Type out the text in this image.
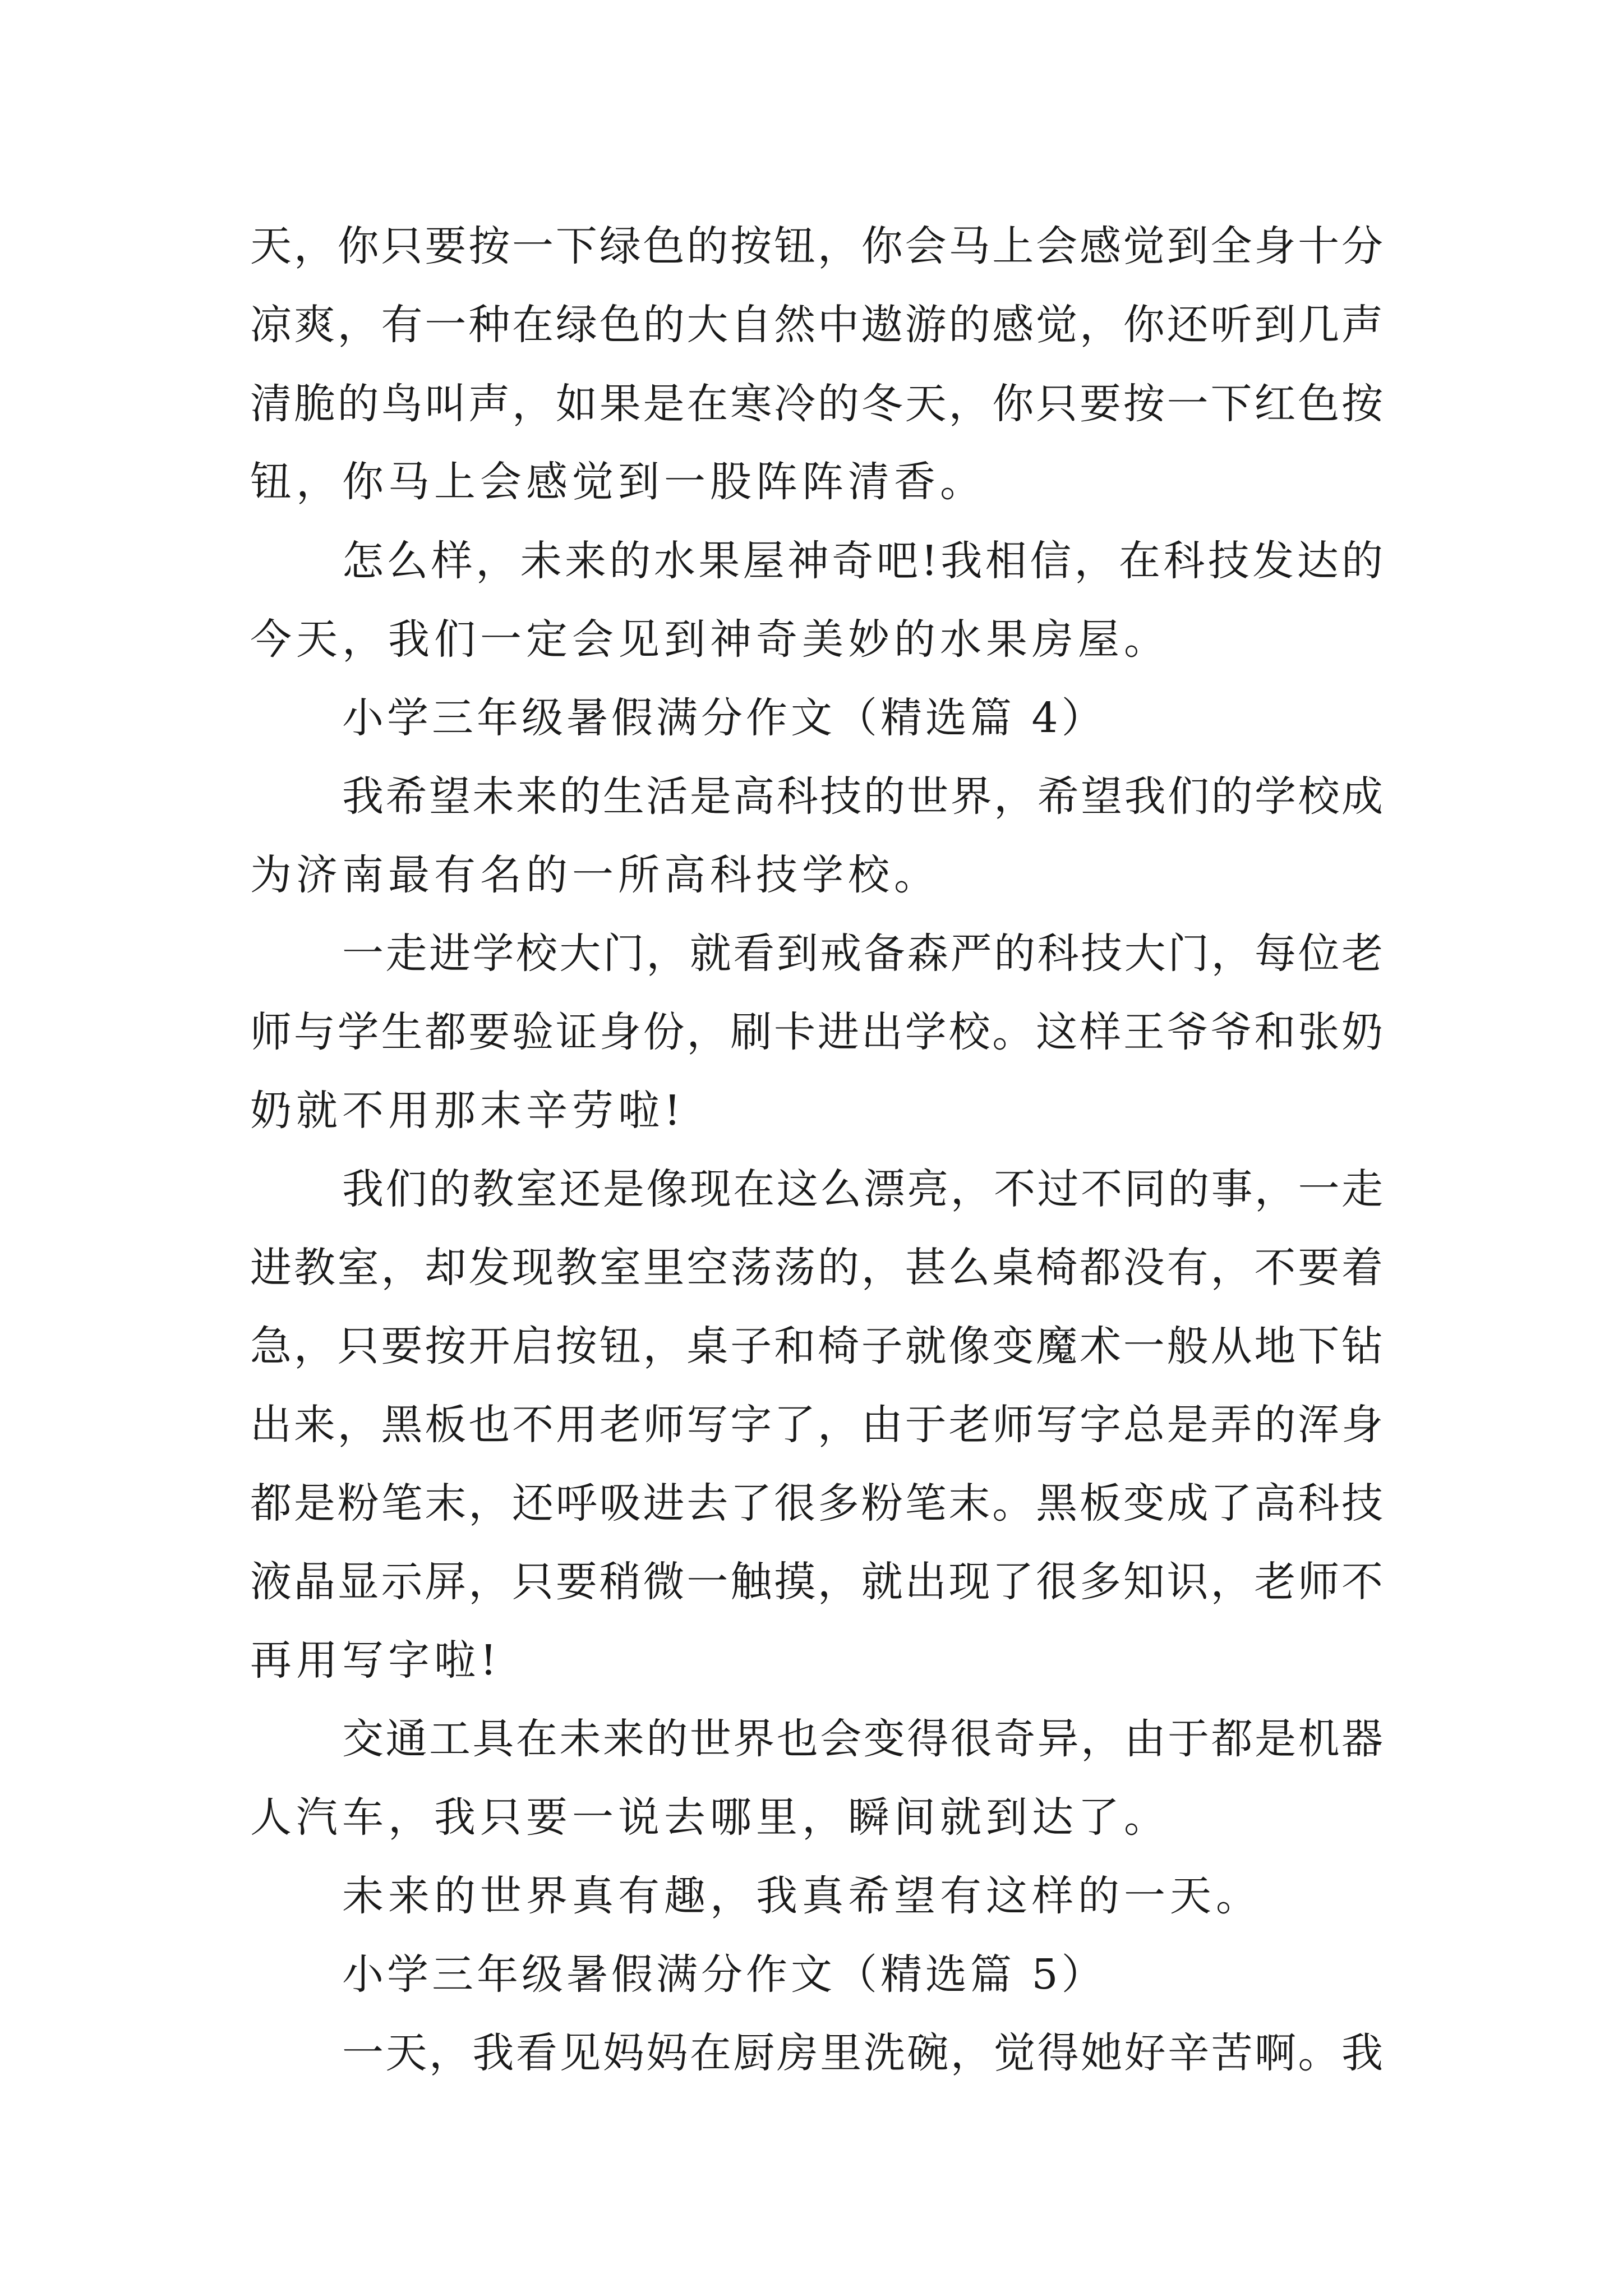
天，你只要按一下绿色的按钮，你会马上会感觉到全身十分
凉爽，有一种在绿色的大自然中遨游的感觉，你还听到几声
清脆的鸟叫声，如果是在寒冷的冬天，你只要按一下红色按
钮，你马上会感觉到一股阵阵清香。
怎么样，未来的水果屋神奇吧!我相信，在科技发达的
今天，我们一定会见到神奇美妙的水果房屋。
小学三年级暑假满分作文（精选篇 4）
我希望未来的生活是高科技的世界，希望我们的学校成
为济南最有名的一所高科技学校。
一走进学校大门，就看到戒备森严的科技大门，每位老
师与学生都要验证身份，刷卡进出学校。这样王爷爷和张奶
奶就不用那末辛劳啦!
我们的教室还是像现在这么漂亮，不过不同的事，一走
进教室，却发现教室里空荡荡的，甚么桌椅都没有，不要着
急，只要按开启按钮，桌子和椅子就像变魔术一般从地下钻
出来，黑板也不用老师写字了，由于老师写字总是弄的浑身
都是粉笔末，还呼吸进去了很多粉笔末。黑板变成了高科技
液晶显示屏，只要稍微一触摸，就出现了很多知识，老师不
再用写字啦!
交通工具在未来的世界也会变得很奇异，由于都是机器
人汽车，我只要一说去哪里，瞬间就到达了。
未来的世界真有趣，我真希望有这样的一天。
小学三年级暑假满分作文（精选篇 5）
一天，我看见妈妈在厨房里洗碗，觉得她好辛苦啊。我
